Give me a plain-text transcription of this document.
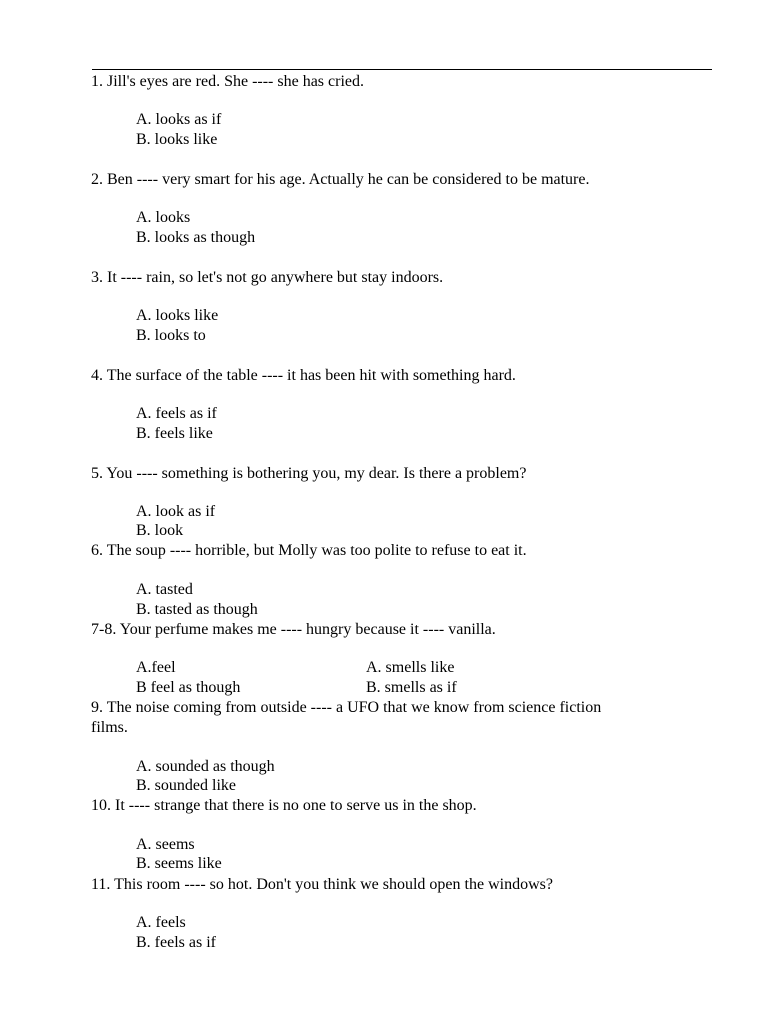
1. Jill's eyes are red. She ---- she has cried.
A. looks as if
B. looks like
2. Ben ---- very smart for his age. Actually he can be considered to be mature.
A. looks
B. looks as though
3. It ---- rain, so let's not go anywhere but stay indoors.
A. looks like
B. looks to
4. The surface of the table ---- it has been hit with something hard.
A. feels as if
B. feels like
5. You ---- something is bothering you, my dear. Is there a problem?
A. look as if
B. look
6. The soup ---- horrible, but Molly was too polite to refuse to eat it.
A. tasted
B. tasted as though
7-8. Your perfume makes me ---- hungry because it ---- vanilla.
A.feel
B feel as though
A. smells like
B. smells as if
9. The noise coming from outside ---- a UFO that we know from science fiction
films.
A. sounded as though
B. sounded like
10. It ---- strange that there is no one to serve us in the shop.
A. seems
B. seems like
11. This room ---- so hot. Don't you think we should open the windows?
A. feels
B. feels as if
